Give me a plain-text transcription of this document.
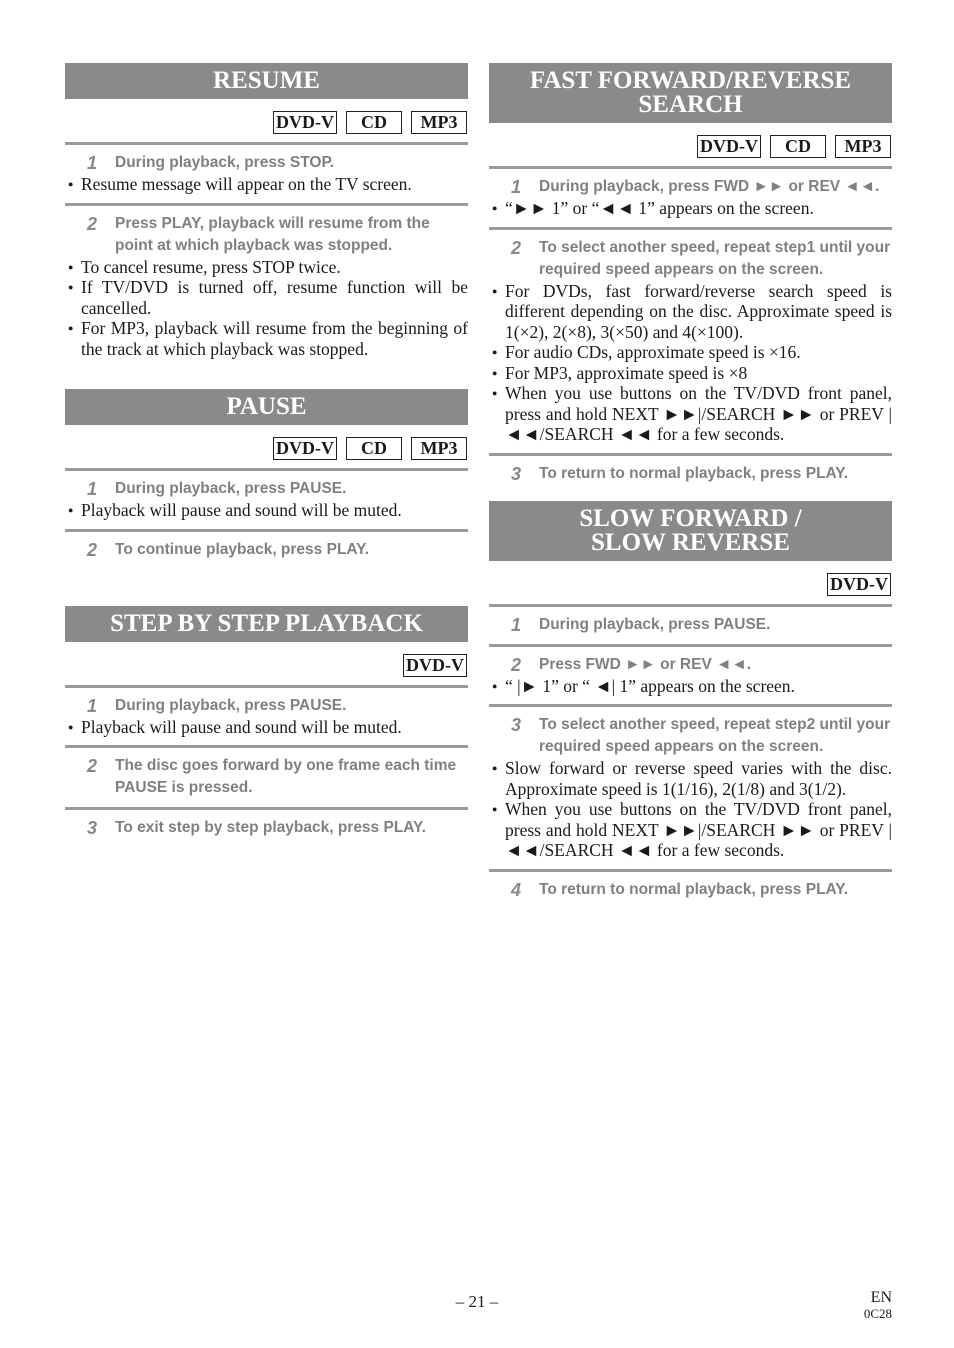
RESUME
DVD-V	CD	MP3
1	During playback, press STOP.
● Resume message will appear on the TV screen.
2	Press PLAY, playback will resume from the point at which playback was stopped.
● To cancel resume, press STOP twice.
● If TV/DVD is turned off, resume function will be cancelled.
● For MP3, playback will resume from the beginning of the track at which playback was stopped.
PAUSE
DVD-V	CD	MP3
1	During playback, press PAUSE.
● Playback will pause and sound will be muted.
2	To continue playback, press PLAY.
STEP BY STEP PLAYBACK
DVD-V
1	During playback, press PAUSE.
● Playback will pause and sound will be muted.
2	The disc goes forward by one frame each time PAUSE is pressed.
3	To exit step by step playback, press PLAY.
FAST FORWARD/REVERSE
SEARCH
DVD-V	CD	MP3
1	During playback, press FWD ►► or REV ◄◄.
● “►► 1” or “◄◄ 1” appears on the screen.
2	To select another speed, repeat step1 until your required speed appears on the screen.
● For DVDs, fast forward/reverse search speed is different depending on the disc. Approximate speed is 1(×2), 2(×8), 3(×50) and 4(×100).
● For audio CDs, approximate speed is ×16.
● For MP3, approximate speed is ×8
● When you use buttons on the TV/DVD front panel, press and hold NEXT ►►|/SEARCH ►► or PREV |◄◄/SEARCH ◄◄ for a few seconds.
3	To return to normal playback, press PLAY.
SLOW FORWARD /
SLOW REVERSE
DVD-V
1	During playback, press PAUSE.
2	Press FWD ►► or REV ◄◄.
● “ |► 1” or “ ◄| 1” appears on the screen.
3	To select another speed, repeat step2 until your required speed appears on the screen.
● Slow forward or reverse speed varies with the disc. Approximate speed is 1(1/16), 2(1/8) and 3(1/2).
● When you use buttons on the TV/DVD front panel, press and hold NEXT ►►|/SEARCH ►► or PREV |◄◄/SEARCH ◄◄ for a few seconds.
4	To return to normal playback, press PLAY.
– 21 –	EN
0C28
